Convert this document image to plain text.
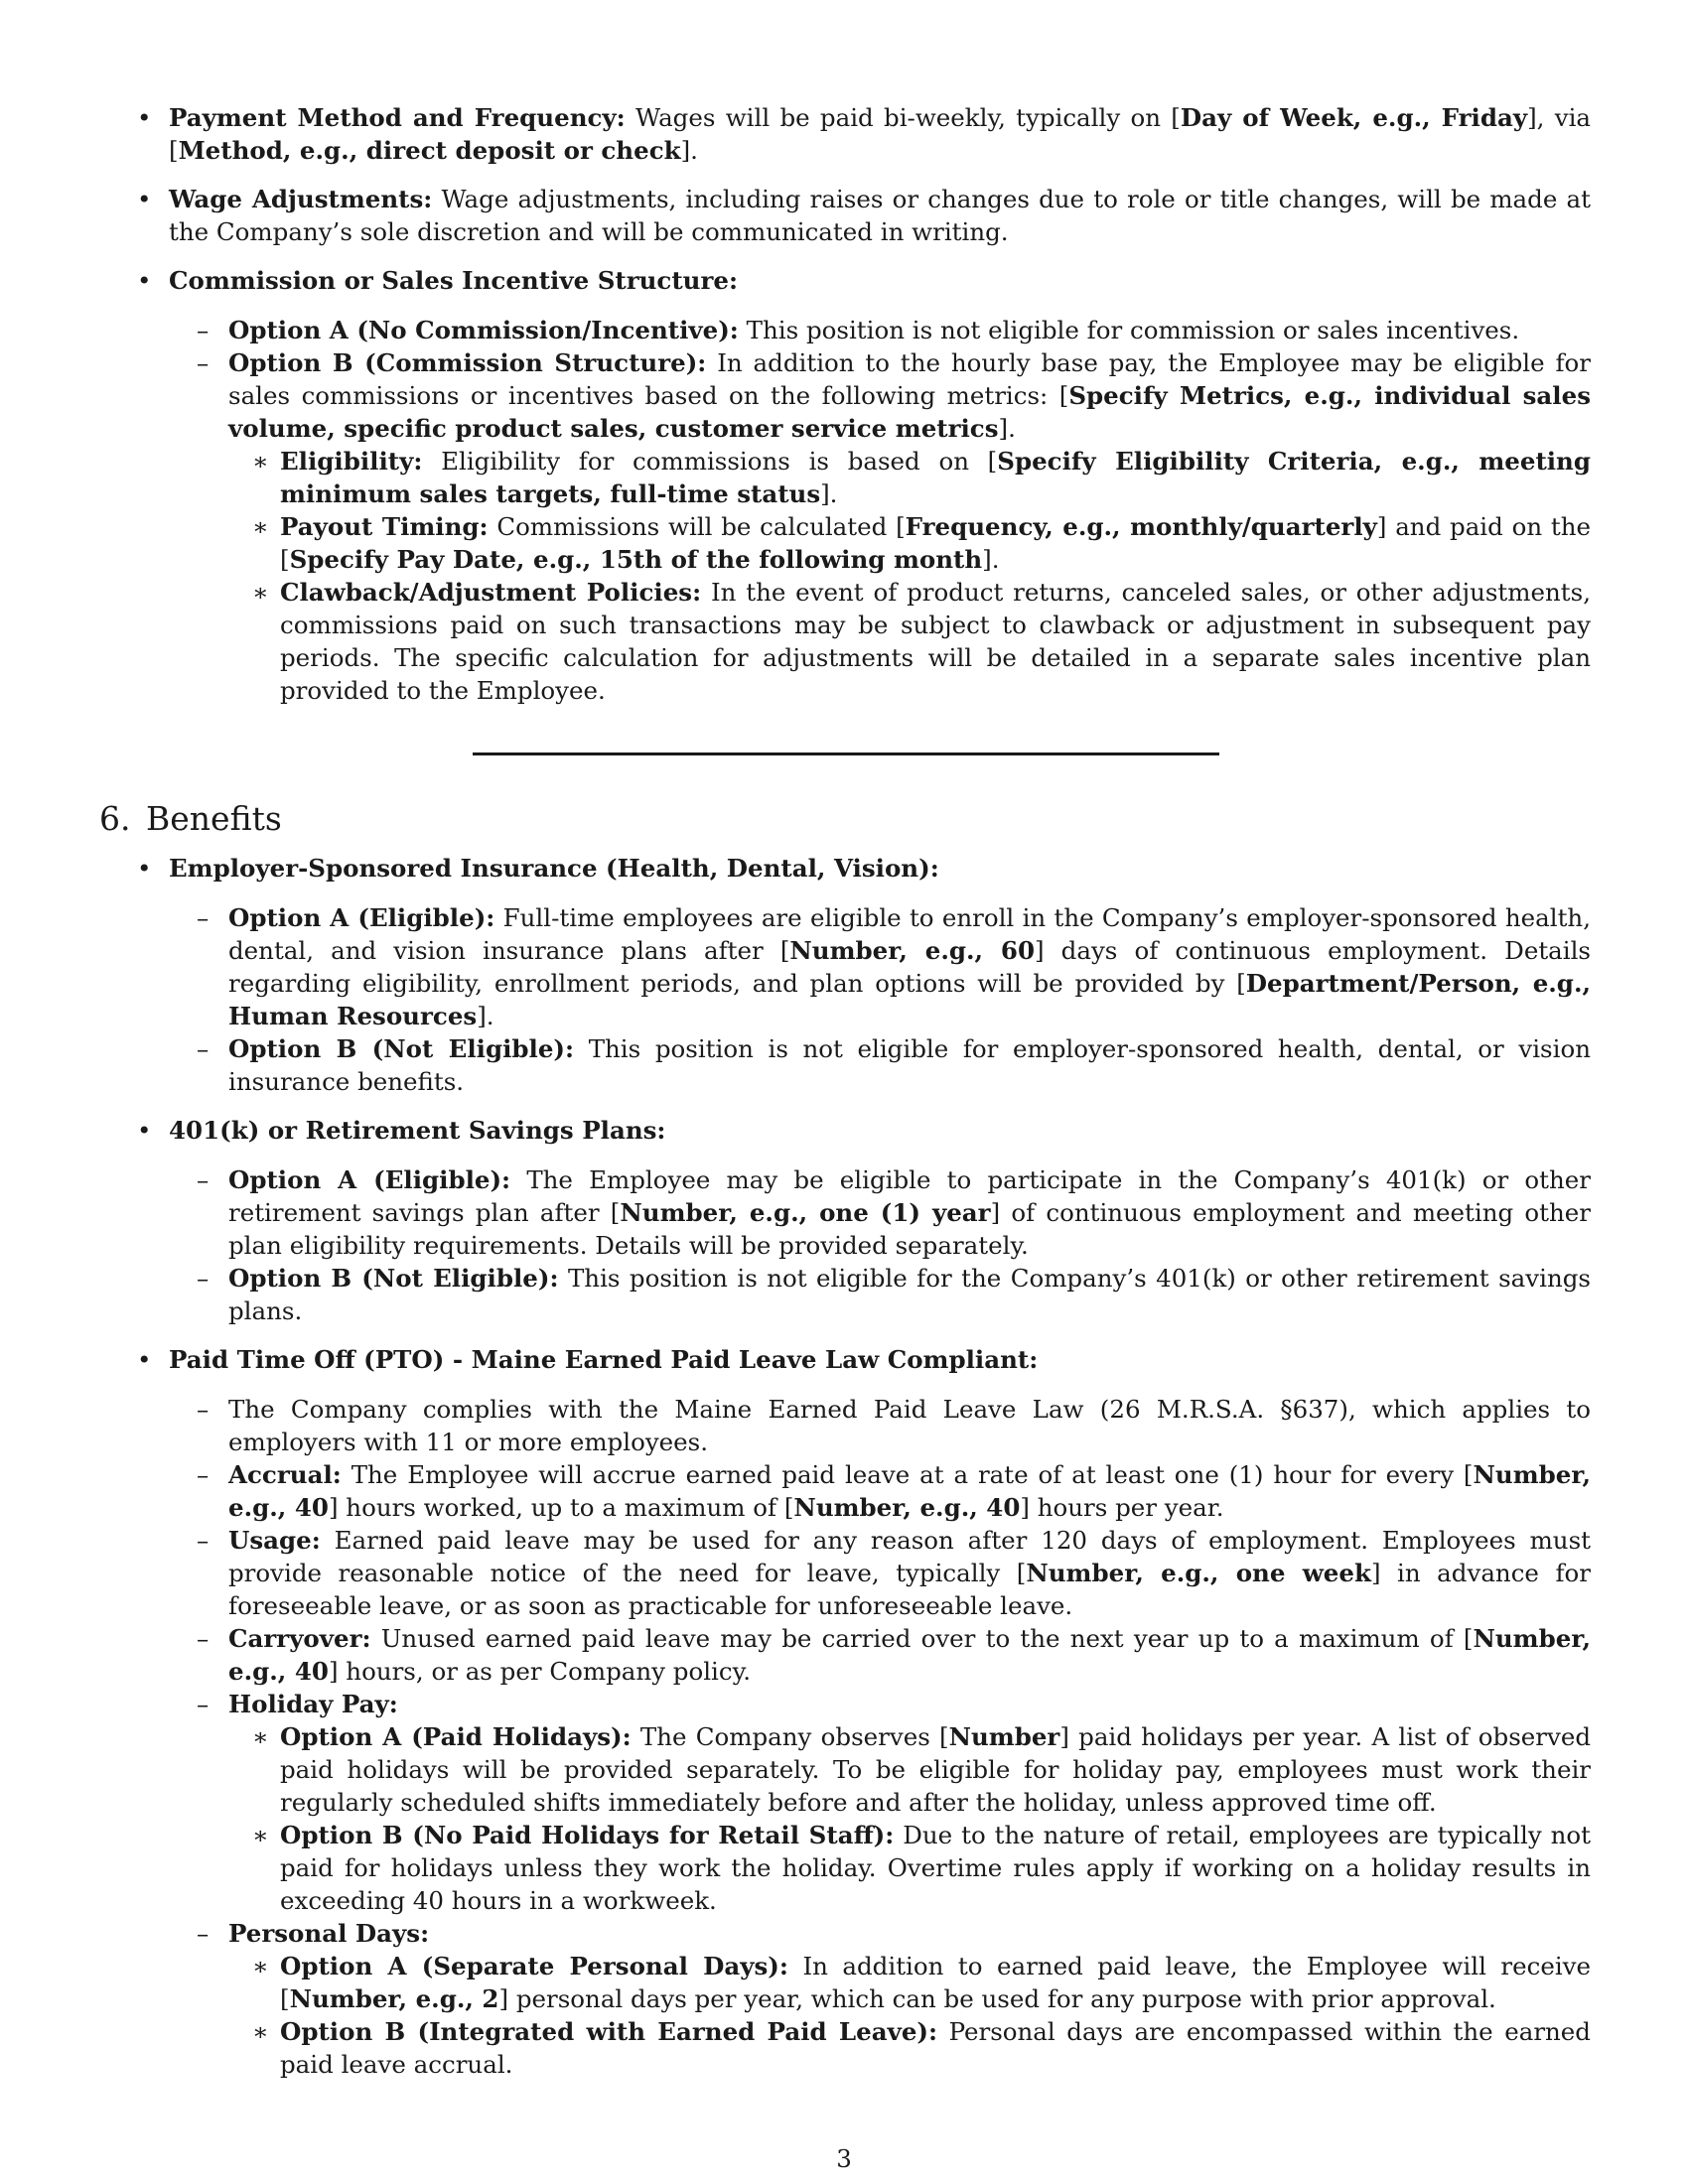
• Payment Method and Frequency: Wages will be paid bi-weekly, typically on [Day of Week, e.g., Friday], via [Method, e.g., direct deposit or check].
• Wage Adjustments: Wage adjustments, including raises or changes due to role or title changes, will be made at the Company’s sole discretion and will be communicated in writing.
• Commission or Sales Incentive Structure:
– Option A (No Commission/Incentive): This position is not eligible for commission or sales incentives.
– Option B (Commission Structure): In addition to the hourly base pay, the Employee may be eligible for sales commissions or incentives based on the following metrics: [Specify Metrics, e.g., individual sales volume, specific product sales, customer service metrics].
∗ Eligibility: Eligibility for commissions is based on [Specify Eligibility Criteria, e.g., meeting minimum sales targets, full-time status].
∗ Payout Timing: Commissions will be calculated [Frequency, e.g., monthly/quarterly] and paid on the [Specify Pay Date, e.g., 15th of the following month].
∗ Clawback/Adjustment Policies: In the event of product returns, canceled sales, or other adjustments, commissions paid on such transactions may be subject to clawback or adjustment in subsequent pay periods. The specific calculation for adjustments will be detailed in a separate sales incentive plan provided to the Employee.
6. Benefits
• Employer-Sponsored Insurance (Health, Dental, Vision):
– Option A (Eligible): Full-time employees are eligible to enroll in the Company’s employer-sponsored health, dental, and vision insurance plans after [Number, e.g., 60] days of continuous employment. Details regarding eligibility, enrollment periods, and plan options will be provided by [Department/Person, e.g., Human Resources].
– Option B (Not Eligible): This position is not eligible for employer-sponsored health, dental, or vision insurance benefits.
• 401(k) or Retirement Savings Plans:
– Option A (Eligible): The Employee may be eligible to participate in the Company’s 401(k) or other retirement savings plan after [Number, e.g., one (1) year] of continuous employment and meeting other plan eligibility requirements. Details will be provided separately.
– Option B (Not Eligible): This position is not eligible for the Company’s 401(k) or other retirement savings plans.
• Paid Time Off (PTO) - Maine Earned Paid Leave Law Compliant:
– The Company complies with the Maine Earned Paid Leave Law (26 M.R.S.A. §637), which applies to employers with 11 or more employees.
– Accrual: The Employee will accrue earned paid leave at a rate of at least one (1) hour for every [Number, e.g., 40] hours worked, up to a maximum of [Number, e.g., 40] hours per year.
– Usage: Earned paid leave may be used for any reason after 120 days of employment. Employees must provide reasonable notice of the need for leave, typically [Number, e.g., one week] in advance for foreseeable leave, or as soon as practicable for unforeseeable leave.
– Carryover: Unused earned paid leave may be carried over to the next year up to a maximum of [Number, e.g., 40] hours, or as per Company policy.
– Holiday Pay:
∗ Option A (Paid Holidays): The Company observes [Number] paid holidays per year. A list of observed paid holidays will be provided separately. To be eligible for holiday pay, employees must work their regularly scheduled shifts immediately before and after the holiday, unless approved time off.
∗ Option B (No Paid Holidays for Retail Staff): Due to the nature of retail, employees are typically not paid for holidays unless they work the holiday. Overtime rules apply if working on a holiday results in exceeding 40 hours in a workweek.
– Personal Days:
∗ Option A (Separate Personal Days): In addition to earned paid leave, the Employee will receive [Number, e.g., 2] personal days per year, which can be used for any purpose with prior approval.
∗ Option B (Integrated with Earned Paid Leave): Personal days are encompassed within the earned paid leave accrual.
3
